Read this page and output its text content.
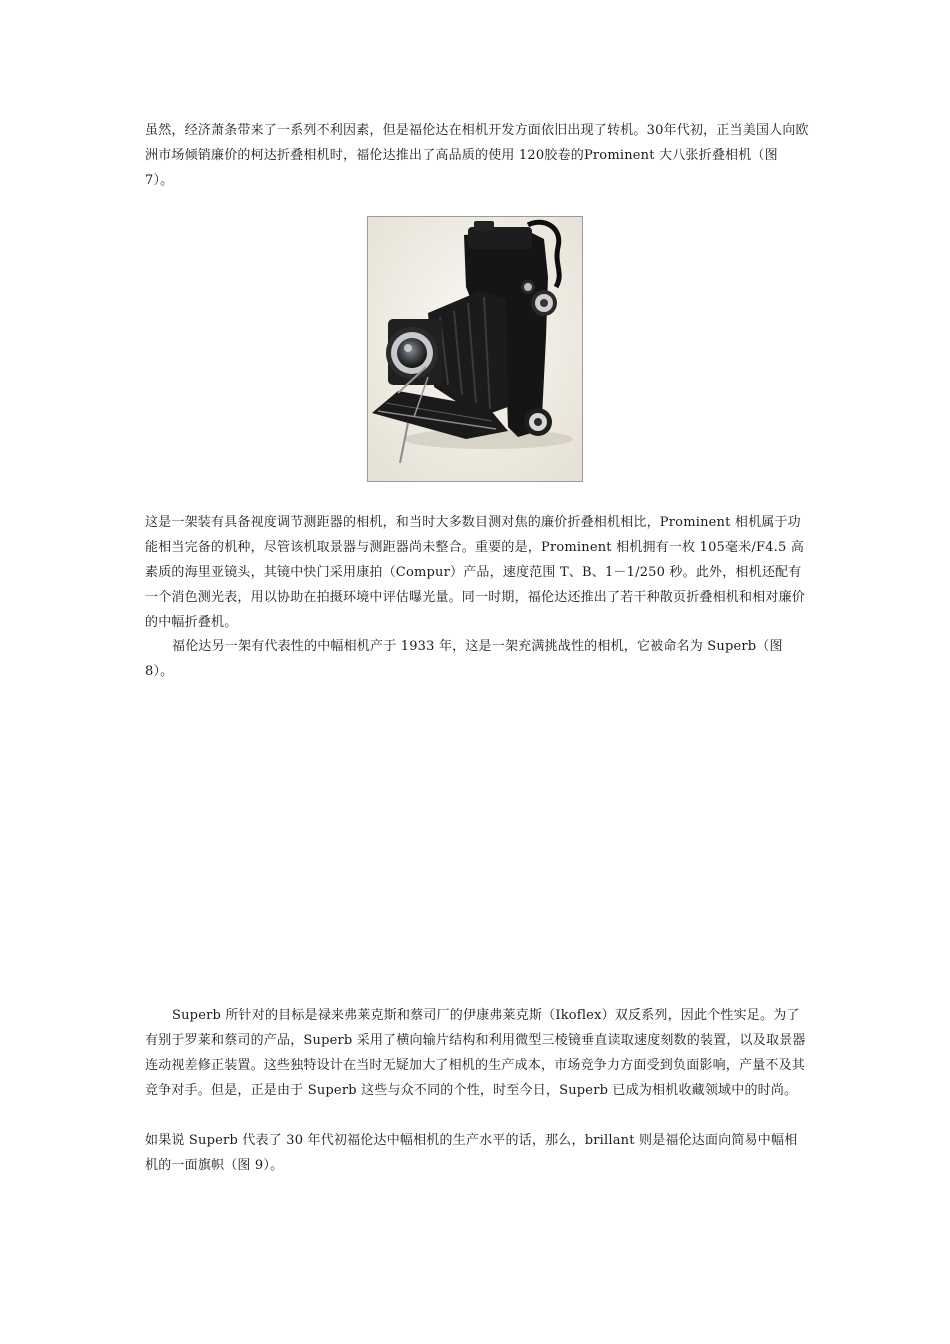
虽然，经济萧条带来了一系列不利因素，但是福伦达在相机开发方面依旧出现了转机。30年代初，正当美国人向欧洲市场倾销廉价的柯达折叠相机时，福伦达推出了高品质的使用 120胶卷的Prominent 大八张折叠相机（图 7）。

这是一架装有具备视度调节测距器的相机，和当时大多数目测对焦的廉价折叠相机相比，Prominent 相机属于功能相当完备的机种，尽管该机取景器与测距器尚未整合。重要的是，Prominent 相机拥有一枚 105毫米/F4.5 高素质的海里亚镜头，其镜中快门采用康拍（Compur）产品，速度范围 T、B、1－1/250 秒。此外，相机还配有一个消色测光表，用以协助在拍摄环境中评估曝光量。同一时期，福伦达还推出了若干种散页折叠相机和相对廉价的中幅折叠机。

福伦达另一架有代表性的中幅相机产于 1933 年，这是一架充满挑战性的相机，它被命名为 Superb（图 8）。

Superb 所针对的目标是禄来弗莱克斯和蔡司厂的伊康弗莱克斯（Ikoflex）双反系列，因此个性实足。为了有别于罗莱和蔡司的产品，Superb 采用了横向输片结构和利用微型三棱镜垂直读取速度刻数的装置，以及取景器连动视差修正装置。这些独特设计在当时无疑加大了相机的生产成本，市场竞争力方面受到负面影响，产量不及其竞争对手。但是，正是由于 Superb 这些与众不同的个性，时至今日，Superb 已成为相机收藏领域中的时尚。

如果说 Superb 代表了 30 年代初福伦达中幅相机的生产水平的话，那么，brillant 则是福伦达面向简易中幅相机的一面旗帜（图 9）。
